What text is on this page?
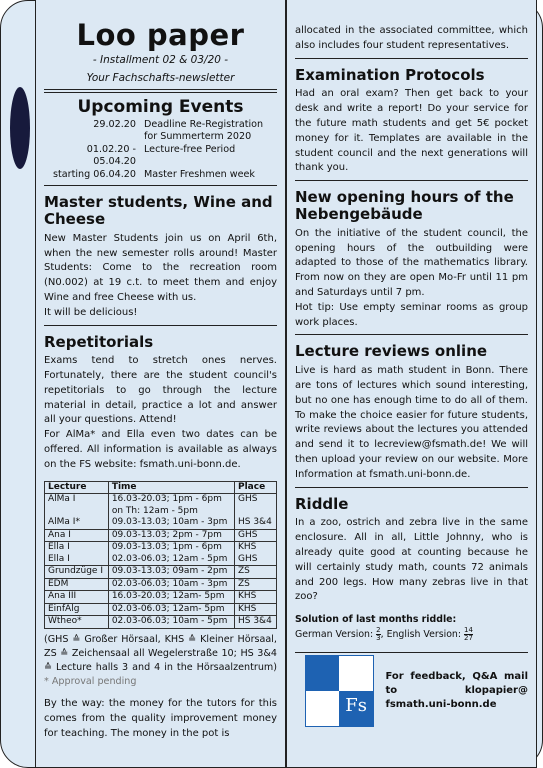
Loo paper
- Installment 02 & 03/20 -
Your Fachschafts-newsletter
Upcoming Events
29.02.20 Deadline Re-Registration
for Summerterm 2020
01.02.20 - 05.04.20
Lecture-free Period
starting 06.04.20 Master Freshmen week
Master students, Wine and Cheese

New Master Students join us on April 6th, when the new semester rolls around! Master Students: Come to the recreation room (N0.002) at 19 c.t. to meet them and enjoy Wine and free Cheese with us.

It will be delicious!

Repetitorials

Exams tend to stretch ones nerves. Fortunately, there are the student council's repetitorials to go through the lecture material in detail, practice a lot and answer all your questions. Attend!

For AlMa* and Ella even two dates can be offered. All information is available as always on the FS website: fsmath.uni-bonn.de.

Lecture	Time	Place
AlMa I	16.03-20.03; 1pm - 6pm	GHS
	on Th: 12am - 5pm	
AlMa I*	09.03-13.03; 10am - 3pm	HS 3&4
Ana I	09.03-13.03; 2pm - 7pm	GHS
Ella I	09.03-13.03; 1pm - 6pm	KHS
Ella I	02.03-06.03; 12am - 5pm	GHS
Grundzüge I	09.03-13.03; 09am - 2pm	ZS
EDM	02.03-06.03; 10am - 3pm	ZS
Ana III	16.03-20.03; 12am- 5pm	KHS
EinfAlg	02.03-06.03; 12am- 5pm	KHS
Wtheo*	02.03-06.03; 10am - 5pm	HS 3&4
(GHS ≙ Großer Hörsaal, KHS ≙ Kleiner Hörsaal, ZS ≙ Zeichensaal all Wegelerstraße 10; HS 3&4 ≙ Lecture halls 3 and 4 in the Hörsaalzentrum) * Approval pending

By the way: the money for the tutors for this comes from the quality improvement money for teaching. The money in the pot is

allocated in the associated committee, which also includes four student representatives.

Examination Protocols

Had an oral exam? Then get back to your desk and write a report! Do your service for the future math students and get 5€ pocket money for it. Templates are available in the student council and the next generations will thank you.

New opening hours of the Nebengebäude

On the initiative of the student council, the opening hours of the outbuilding were adapted to those of the mathematics library. From now on they are open Mo-Fr until 11 pm and Saturdays until 7 pm.

Hot tip: Use empty seminar rooms as group work places.

Lecture reviews online

Live is hard as math student in Bonn. There are tons of lectures which sound interesting, but no one has enough time to do all of them. To make the choice easier for future students, write reviews about the lectures you attended and send it to lecreview@fsmath.de! We will then upload your review on our website. More Information at fsmath.uni-bonn.de.

Riddle

In a zoo, ostrich and zebra live in the same enclosure. All in all, Little Johnny, who is already quite good at counting because he will certainly study math, counts 72 animals and 200 legs. How many zebras live in that zoo?

Solution of last months riddle:
German Version: $\frac{2}{3}$ , English Version: $\frac{14}{27}$
Fs
For feedback, Q&A mail to klopapier@ fsmath.uni-bonn.de
